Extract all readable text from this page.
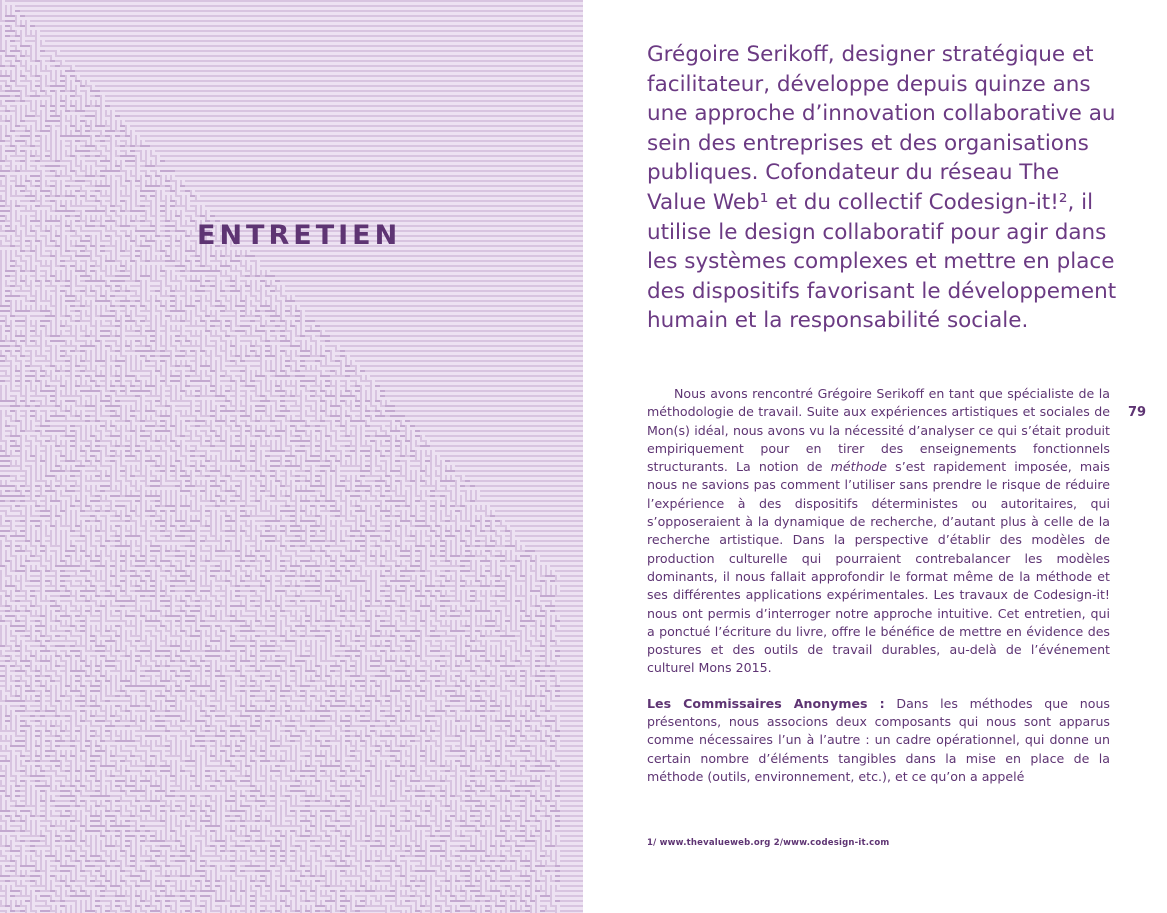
ENTRETIEN

Grégoire Serikoff, designer stratégique et facilitateur, développe depuis quinze ans une approche d’innovation collaborative au sein des entreprises et des organisations publiques. Cofondateur du réseau The Value Web¹ et du collectif Codesign-it!², il utilise le design collaboratif pour agir dans les systèmes complexes et mettre en place des dispositifs favorisant le développement humain et la responsabilité sociale.

Nous avons rencontré Grégoire Serikoff en tant que spécialiste de la méthodologie de travail. Suite aux expériences artistiques et sociales de Mon(s) idéal, nous avons vu la nécessité d’analyser ce qui s’était produit empiriquement pour en tirer des enseignements fonctionnels structurants. La notion de méthode s’est rapidement imposée, mais nous ne savions pas comment l’utiliser sans prendre le risque de réduire l’expérience à des dispositifs déterministes ou autoritaires, qui s’opposeraient à la dynamique de recherche, d’autant plus à celle de la recherche artistique. Dans la perspective d’établir des modèles de production culturelle qui pourraient contrebalancer les modèles dominants, il nous fallait approfondir le format même de la méthode et ses différentes applications expérimentales. Les travaux de Codesign-it! nous ont permis d’interroger notre approche intuitive. Cet entretien, qui a ponctué l’écriture du livre, offre le bénéfice de mettre en évidence des postures et des outils de travail durables, au-delà de l’événement culturel Mons 2015.

Les Commissaires Anonymes : Dans les méthodes que nous présentons, nous associons deux composants qui nous sont apparus comme nécessaires l’un à l’autre : un cadre opérationnel, qui donne un certain nombre d’éléments tangibles dans la mise en place de la méthode (outils, environnement, etc.), et ce qu’on a appelé

79
1/ www.thevalueweb.org 2/www.codesign-it.com
